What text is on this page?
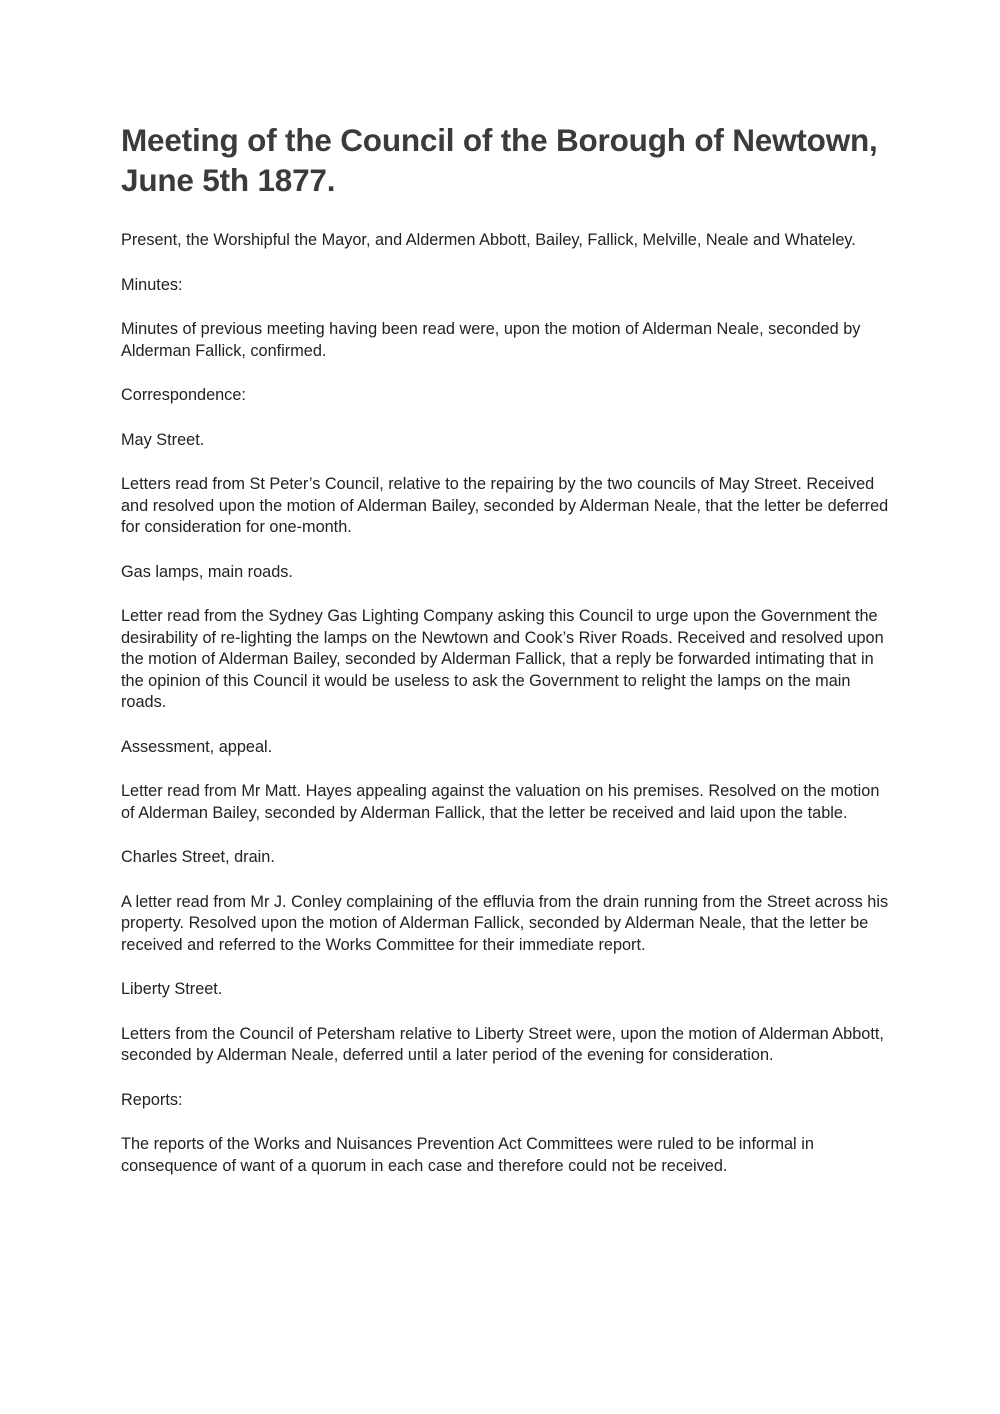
Meeting of the Council of the Borough of Newtown, June 5th 1877.

Present, the Worshipful the Mayor, and Aldermen Abbott, Bailey, Fallick, Melville, Neale and Whateley.

Minutes:

Minutes of previous meeting having been read were, upon the motion of Alderman Neale, seconded by Alderman Fallick, confirmed.

Correspondence:

May Street.

Letters read from St Peter’s Council, relative to the repairing by the two councils of May Street. Received and resolved upon the motion of Alderman Bailey, seconded by Alderman Neale, that the letter be deferred for consideration for one-month.

Gas lamps, main roads.

Letter read from the Sydney Gas Lighting Company asking this Council to urge upon the Government the desirability of re-lighting the lamps on the Newtown and Cook’s River Roads. Received and resolved upon the motion of Alderman Bailey, seconded by Alderman Fallick, that a reply be forwarded intimating that in the opinion of this Council it would be useless to ask the Government to relight the lamps on the main roads.

Assessment, appeal.

Letter read from Mr Matt. Hayes appealing against the valuation on his premises. Resolved on the motion of Alderman Bailey, seconded by Alderman Fallick, that the letter be received and laid upon the table.

Charles Street, drain.

A letter read from Mr J. Conley complaining of the effluvia from the drain running from the Street across his property. Resolved upon the motion of Alderman Fallick, seconded by Alderman Neale, that the letter be received and referred to the Works Committee for their immediate report.

Liberty Street.

Letters from the Council of Petersham relative to Liberty Street were, upon the motion of Alderman Abbott, seconded by Alderman Neale, deferred until a later period of the evening for consideration.

Reports:

The reports of the Works and Nuisances Prevention Act Committees were ruled to be informal in consequence of want of a quorum in each case and therefore could not be received.
